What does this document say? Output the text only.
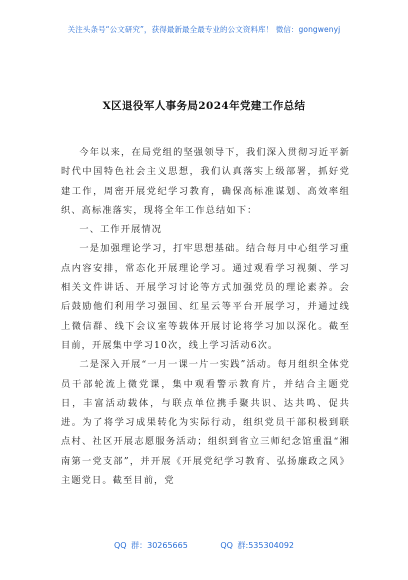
关注头条号“公文研究”，获得最新最全最专业的公文资料库！ 微信：gongwenyj
X区退役军人事务局2024年党建工作总结

今年以来，在局党组的坚强领导下，我们深入贯彻习近平新时代中国特色社会主义思想，我们认真落实上级部署，抓好党建工作，周密开展党纪学习教育，确保高标准谋划、高效率组织、高标准落实，现将全年工作总结如下：

一、工作开展情况

一是加强理论学习，打牢思想基础。结合每月中心组学习重点内容安排，常态化开展理论学习。通过观看学习视频、学习相关文件讲话、开展学习讨论等方式加强党员的理论素养。会后鼓励他们利用学习强国、红星云等平台开展学习，并通过线上微信群、线下会议室等载体开展讨论将学习加以深化。截至目前，开展集中学习10次，线上学习活动6次。

二是深入开展“一月一课一片一实践”活动。每月组织全体党员干部轮流上微党课，集中观看警示教育片，并结合主题党日，丰富活动载体，与联点单位携手聚共识、达共鸣、促共进。为了将学习成果转化为实际行动，组织党员干部积极到联点村、社区开展志愿服务活动；组织到省立三师纪念馆重温“湘南第一党支部”，并开展《开展党纪学习教育、弘扬廉政之风》主题党日。截至目前，党

QQ 群：30265665	QQ 群:535304092
